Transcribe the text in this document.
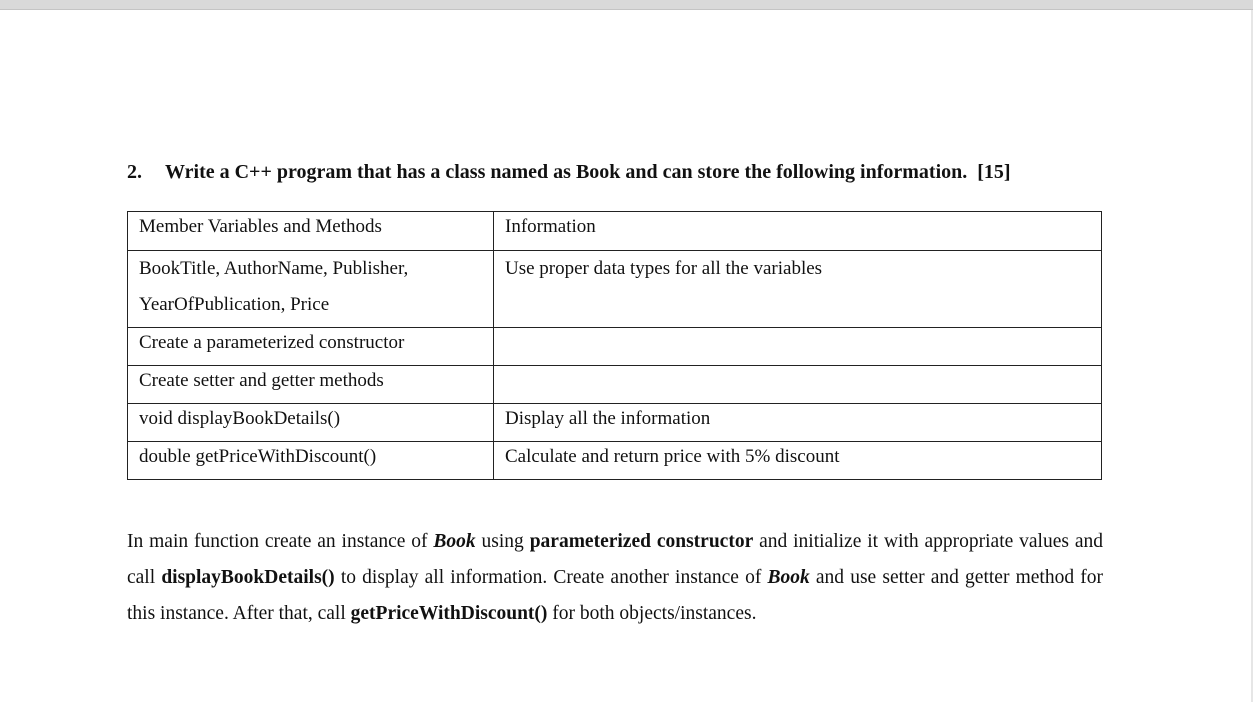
2. Write a C++ program that has a class named as Book and can store the following information. [15]
Member Variables and Methods	Information

BookTitle, AuthorName, Publisher,
YearOfPublication, Price	Use proper data types for all the variables
Create a parameterized constructor	
Create setter and getter methods	
void displayBookDetails()	Display all the information
double getPriceWithDiscount()	Calculate and return price with 5% discount
In main function create an instance of Book using parameterized constructor and initialize it with appropriate values and call displayBookDetails() to display all information. Create another instance of Book and use setter and getter method for this instance. After that, call getPriceWithDiscount() for both objects/instances.
